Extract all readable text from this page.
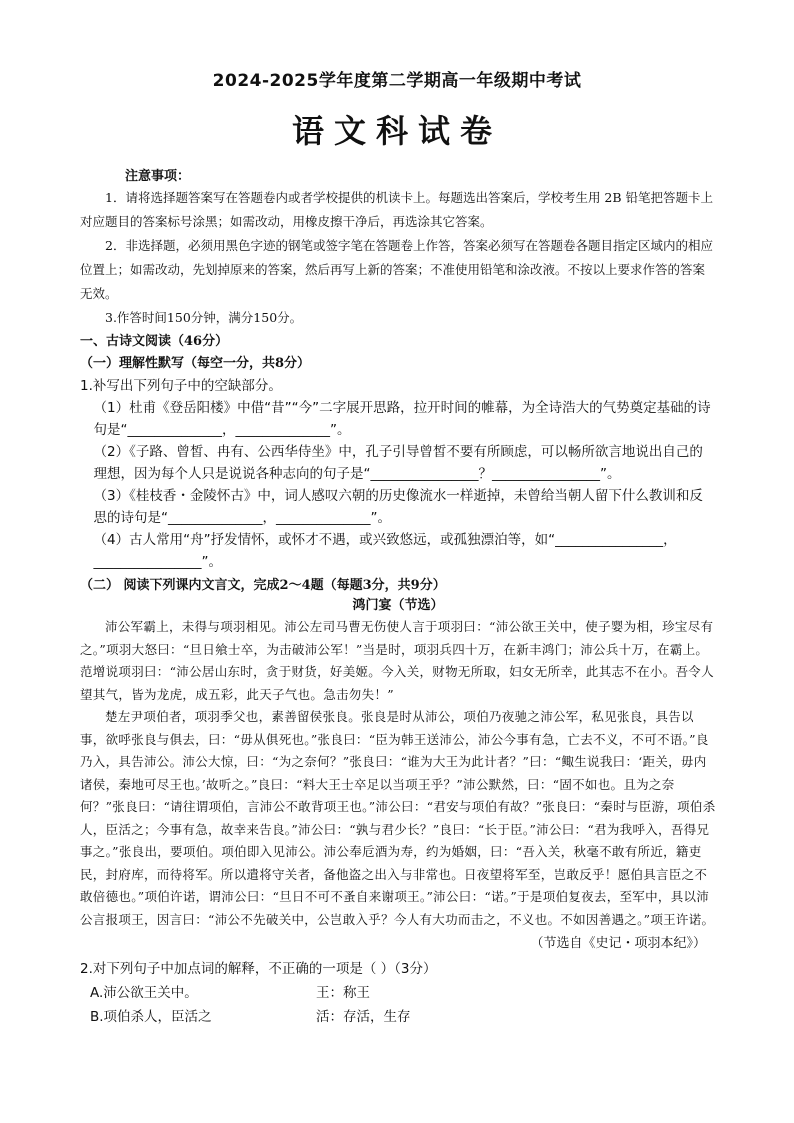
2024-2025学年度第二学期高一年级期中考试
语文科试卷
注意事项：

1．请将选择题答案写在答题卷内或者学校提供的机读卡上。每题选出答案后，学校考生用 2B 铅笔把答题卡上对应题目的答案标号涂黑；如需改动，用橡皮擦干净后，再选涂其它答案。

2．非选择题，必须用黑色字迹的钢笔或签字笔在答题卷上作答，答案必须写在答题卷各题目指定区域内的相应位置上；如需改动，先划掉原来的答案，然后再写上新的答案；不准使用铅笔和涂改液。不按以上要求作答的答案无效。

3.作答时间150分钟，满分150分。

一、古诗文阅读（46分）

（一）理解性默写（每空一分，共8分）

1.补写出下列句子中的空缺部分。

（1）杜甫《登岳阳楼》中借“昔”“今”二字展开思路，拉开时间的帷幕，为全诗浩大的气势奠定基础的诗句是“______________，______________”。

（2）《子路、曾皙、冉有、公西华侍坐》中，孔子引导曾皙不要有所顾虑，可以畅所欲言地说出自己的理想，因为每个人只是说说各种志向的句子是“________________？________________”。

（3）《桂枝香・金陵怀古》中，词人感叹六朝的历史像流水一样逝掉，未曾给当朝人留下什么教训和反思的诗句是“______________，______________”。

（4）古人常用“舟”抒发情怀，或怀才不遇，或兴致悠远，或孤独漂泊等，如“________________，________________”。

（二） 阅读下列课内文言文，完成2～4题（每题3分，共9分）

鸿门宴（节选）

沛公军霸上，未得与项羽相见。沛公左司马曹无伤使人言于项羽曰：“沛公欲王关中，使子婴为相，珍宝尽有之。”项羽大怒曰：“旦日飨士卒，为击破沛公军！”当是时，项羽兵四十万，在新丰鸿门；沛公兵十万，在霸上。范增说项羽曰：“沛公居山东时，贪于财货，好美姬。今入关，财物无所取，妇女无所幸，此其志不在小。吾令人望其气，皆为龙虎，成五彩，此天子气也。急击勿失！”

楚左尹项伯者，项羽季父也，素善留侯张良。张良是时从沛公，项伯乃夜驰之沛公军，私见张良，具告以事，欲呼张良与俱去，曰：“毋从俱死也。”张良曰：“臣为韩王送沛公，沛公今事有急，亡去不义，不可不语。”良乃入，具告沛公。沛公大惊，曰：“为之奈何？”张良曰：“谁为大王为此计者？”曰：“鲰生说我曰：‘距关，毋内诸侯，秦地可尽王也。’故听之。”良曰：“料大王士卒足以当项王乎？”沛公默然，曰：“固不如也。且为之奈何？”张良曰：“请往谓项伯，言沛公不敢背项王也。”沛公曰：“君安与项伯有故？”张良曰：“秦时与臣游，项伯杀人，臣活之；今事有急，故幸来告良。”沛公曰：“孰与君少长？”良曰：“长于臣。”沛公曰：“君为我呼入，吾得兄事之。”张良出，要项伯。项伯即入见沛公。沛公奉卮酒为寿，约为婚姻，曰：“吾入关，秋毫不敢有所近，籍吏民，封府库，而待将军。所以遣将守关者，备他盗之出入与非常也。日夜望将军至，岂敢反乎！愿伯具言臣之不敢倍德也。”项伯许诺，谓沛公曰：“旦日不可不蚤自来谢项王。”沛公曰：“诺。”于是项伯复夜去，至军中，具以沛公言报项王，因言曰：“沛公不先破关中，公岂敢入乎？今人有大功而击之，不义也。不如因善遇之。”项王许诺。

（节选自《史记・项羽本纪》）

2.对下列句子中加点词的解释，不正确的一项是（ ）（3分）

A.沛公欲王关中。	王：称王
B.项伯杀人，臣活之	活：存活，生存
